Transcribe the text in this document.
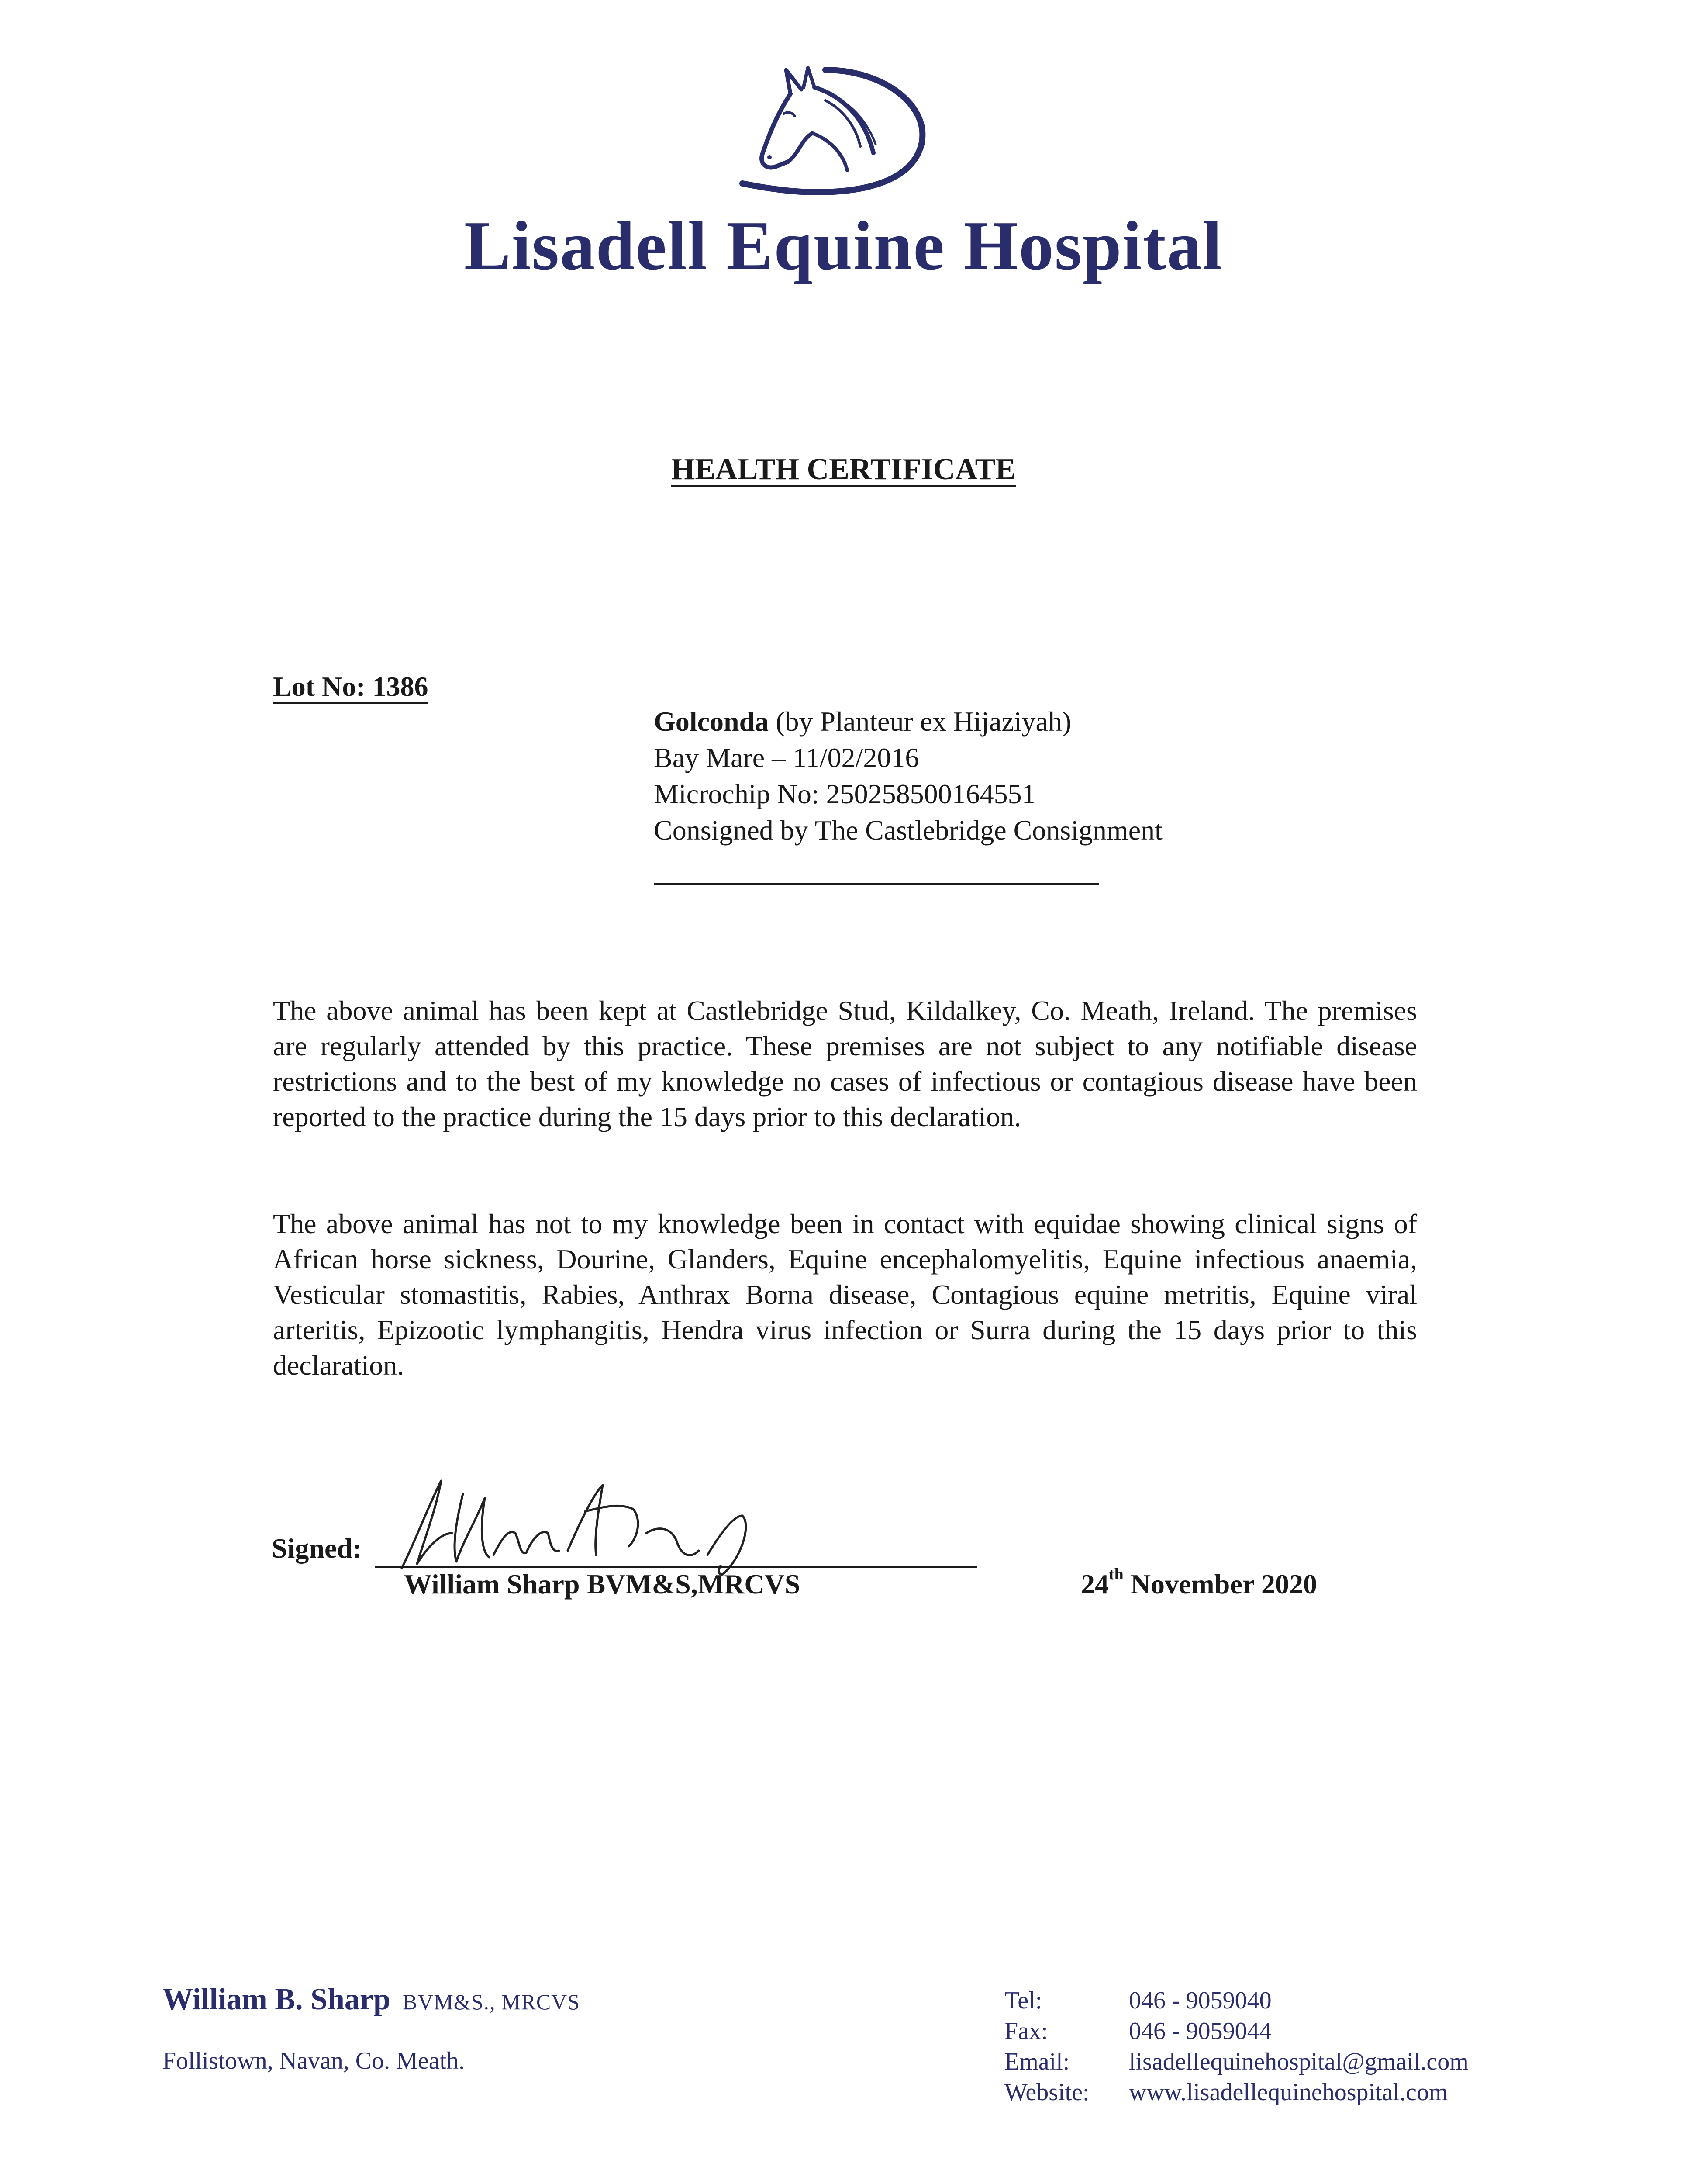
Lisadell Equine Hospital
HEALTH CERTIFICATE
Lot No: 1386
Golconda (by Planteur ex Hijaziyah)
Bay Mare – 11/02/2016
Microchip No: 250258500164551
Consigned by The Castlebridge Consignment
The above animal has been kept at Castlebridge Stud, Kildalkey, Co. Meath, Ireland. The premises are regularly attended by this practice. These premises are not subject to any notifiable disease restrictions and to the best of my knowledge no cases of infectious or contagious disease have been reported to the practice during the 15 days prior to this declaration.
The above animal has not to my knowledge been in contact with equidae showing clinical signs of African horse sickness, Dourine, Glanders, Equine encephalomyelitis, Equine infectious anaemia, Vesticular stomastitis, Rabies, Anthrax Borna disease, Contagious equine metritis, Equine viral arteritis, Epizootic lymphangitis, Hendra virus infection or Surra during the 15 days prior to this declaration.
Signed:
William Sharp BVM&S,MRCVS	24th November 2020
William B. Sharp BVM&S., MRCVS
Follistown, Navan, Co. Meath.
Tel:	046 - 9059040
Fax:	046 - 9059044
Email:	lisadellequinehospital@gmail.com
Website:	www.lisadellequinehospital.com
